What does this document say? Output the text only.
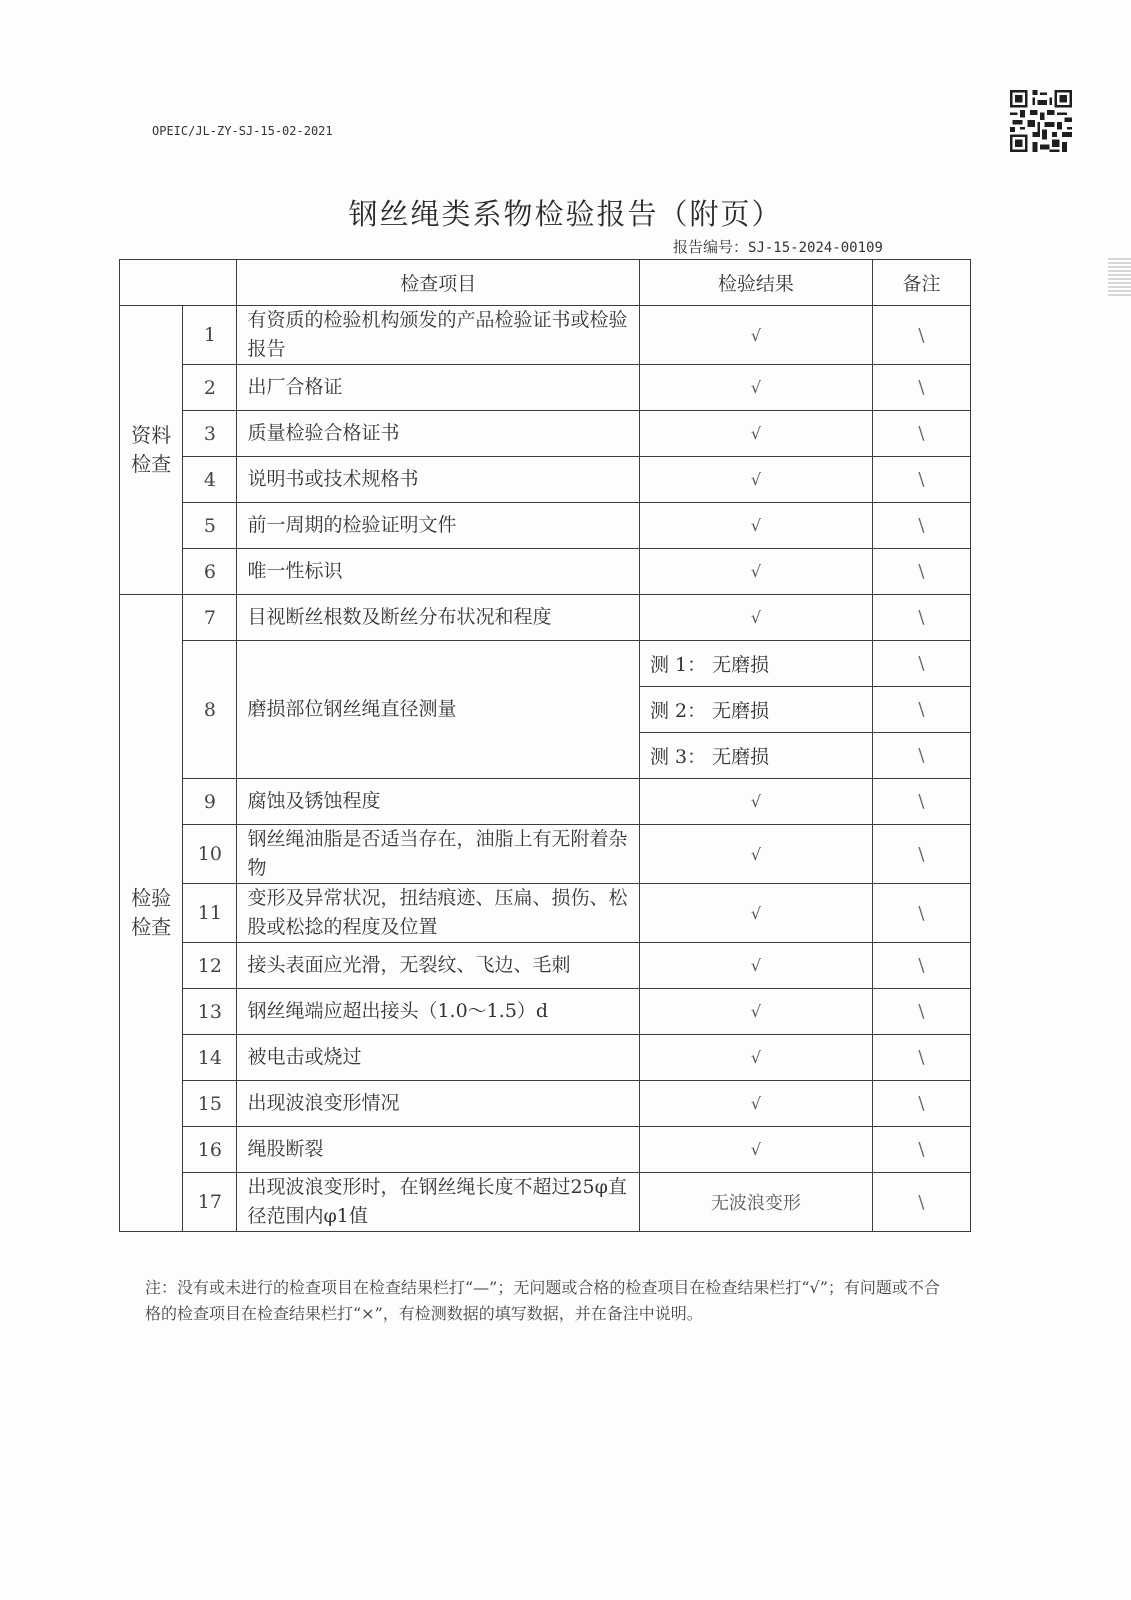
OPEIC/JL-ZY-SJ-15-02-2021
钢丝绳类系物检验报告（附页）
报告编号：SJ-15-2024-00109
		检查项目	检验结果	备注

资料检查	1	有资质的检验机构颁发的产品检验证书或检验报告	√	\
	2	出厂合格证	√	\
	3	质量检验合格证书	√	\
	4	说明书或技术规格书	√	\
	5	前一周期的检验证明文件	√	\
	6	唯一性标识	√	\

检验检查	7	目视断丝根数及断丝分布状况和程度	√	\
	8	磨损部位钢丝绳直径测量	测 1： 无磨损	\
			测 2： 无磨损	\
			测 3： 无磨损	\
	9	腐蚀及锈蚀程度	√	\
	10	钢丝绳油脂是否适当存在，油脂上有无附着杂物	√	\
	11	变形及异常状况，扭结痕迹、压扁、损伤、松股或松捻的程度及位置	√	\
	12	接头表面应光滑，无裂纹、飞边、毛刺	√	\
	13	钢丝绳端应超出接头（1.0～1.5）d	√	\
	14	被电击或烧过	√	\
	15	出现波浪变形情况	√	\
	16	绳股断裂	√	\
	17	出现波浪变形时，在钢丝绳长度不超过25φ直径范围内φ1值	无波浪变形	\
注：没有或未进行的检查项目在检查结果栏打“—”；无问题或合格的检查项目在检查结果栏打“√”；有问题或不合格的检查项目在检查结果栏打“×”，有检测数据的填写数据，并在备注中说明。
